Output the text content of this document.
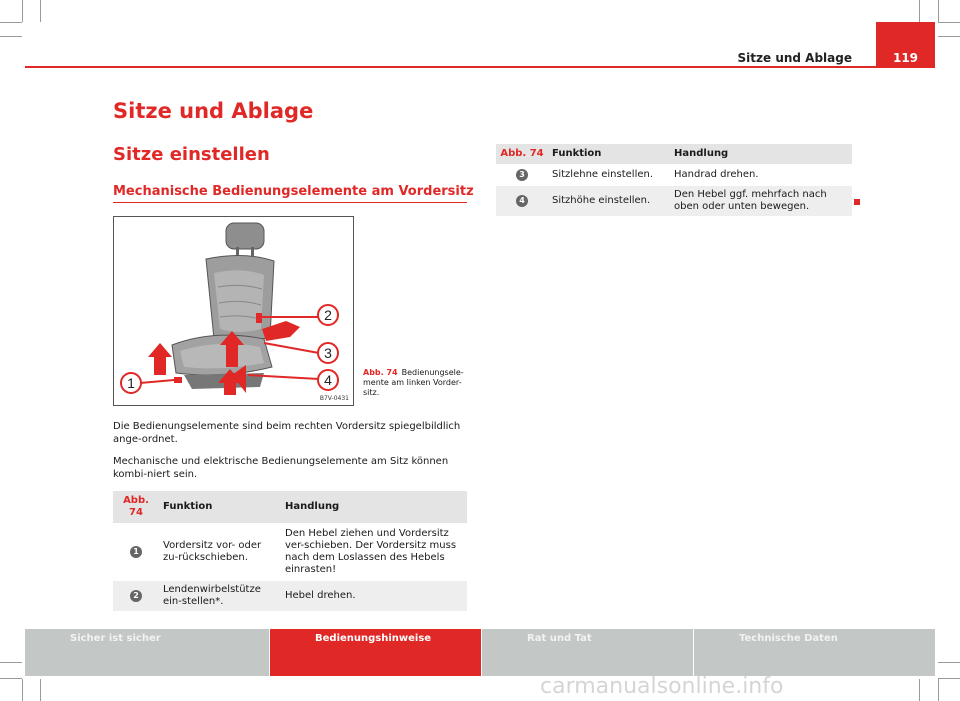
Sitze und Ablage	119
Sitze und Ablage
Sitze einstellen
Mechanische Bedienungselemente am Vordersitz
1
2
3
4
B7V-0431
Abb. 74 Bedienungsele-mente am linken Vorder-sitz.
Die Bedienungselemente sind beim rechten Vordersitz spiegelbildlich ange-ordnet.
Mechanische und elektrische Bedienungselemente am Sitz können kombi-niert sein.
Abb. 74	Funktion	Handlung
1	Vordersitz vor- oder zu-rückschieben.	Den Hebel ziehen und Vordersitz ver-schieben. Der Vordersitz muss nach dem Loslassen des Hebels einrasten!
2	Lendenwirbelstütze ein-stellen*.	Hebel drehen.
Abb. 74	Funktion	Handlung
3	Sitzlehne einstellen.	Handrad drehen.
4	Sitzhöhe einstellen.	Den Hebel ggf. mehrfach nach oben oder unten bewegen.
Sicher ist sicher	Bedienungshinweise	Rat und Tat	Technische Daten
carmanualsonline.info
